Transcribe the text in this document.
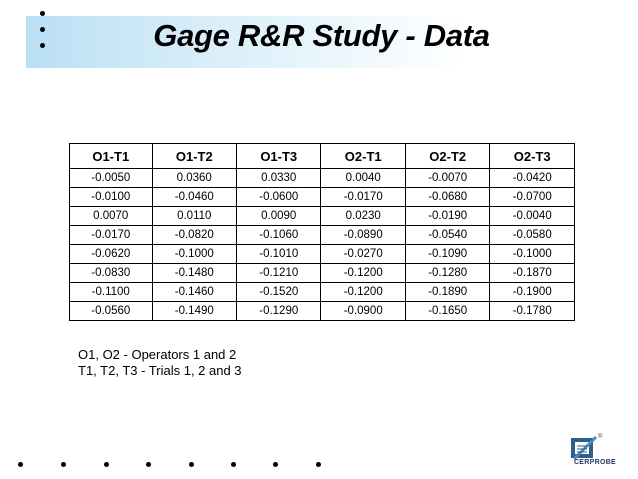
Gage R&R Study - Data
O1-T1	O1-T2	O1-T3	O2-T1	O2-T2	O2-T3
-0.0050	0.0360	0.0330	0.0040	-0.0070	-0.0420
-0.0100	-0.0460	-0.0600	-0.0170	-0.0680	-0.0700
0.0070	0.0110	0.0090	0.0230	-0.0190	-0.0040
-0.0170	-0.0820	-0.1060	-0.0890	-0.0540	-0.0580
-0.0620	-0.1000	-0.1010	-0.0270	-0.1090	-0.1000
-0.0830	-0.1480	-0.1210	-0.1200	-0.1280	-0.1870
-0.1100	-0.1460	-0.1520	-0.1200	-0.1890	-0.1900
-0.0560	-0.1490	-0.1290	-0.0900	-0.1650	-0.1780
O1, O2 - Operators 1 and 2
T1, T2, T3 - Trials 1, 2 and 3
®
CERPROBE
